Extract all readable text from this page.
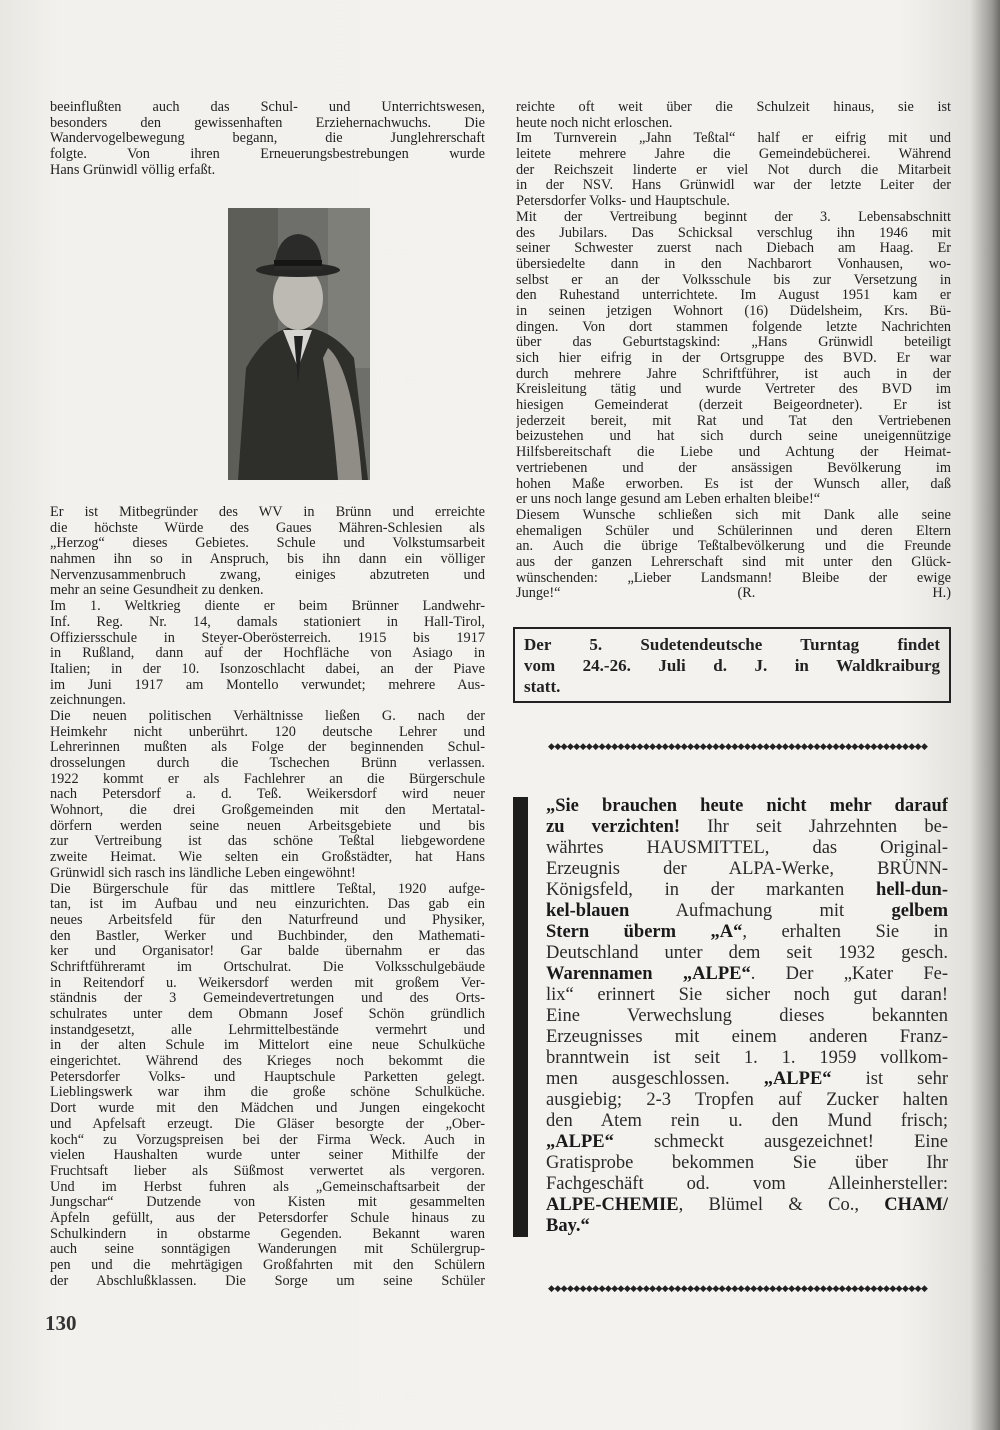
beeinflußten auch das Schul- und Unterrichtswesen,
besonders den gewissenhaften Erziehernachwuchs. Die
Wandervogelbewegung begann, die Junglehrerschaft
folgte. Von ihren Erneuerungsbestrebungen wurde
Hans Grünwidl völlig erfaßt.
Er ist Mitbegründer des WV in Brünn und erreichte
die höchste Würde des Gaues Mähren-Schlesien als
„Herzog“ dieses Gebietes. Schule und Volkstumsarbeit
nahmen ihn so in Anspruch, bis ihn dann ein völliger
Nervenzusammenbruch zwang, einiges abzutreten und
mehr an seine Gesundheit zu denken.
Im 1. Weltkrieg diente er beim Brünner Landwehr-
Inf. Reg. Nr. 14, damals stationiert in Hall-Tirol,
Offiziersschule in Steyer-Oberösterreich. 1915 bis 1917
in Rußland, dann auf der Hochfläche von Asiago in
Italien; in der 10. Isonzoschlacht dabei, an der Piave
im Juni 1917 am Montello verwundet; mehrere Aus-
zeichnungen.
Die neuen politischen Verhältnisse ließen G. nach der
Heimkehr nicht unberührt. 120 deutsche Lehrer und
Lehrerinnen mußten als Folge der beginnenden Schul-
drosselungen durch die Tschechen Brünn verlassen.
1922 kommt er als Fachlehrer an die Bürgerschule
nach Petersdorf a. d. Teß. Weikersdorf wird neuer
Wohnort, die drei Großgemeinden mit den Mertatal-
dörfern werden seine neuen Arbeitsgebiete und bis
zur Vertreibung ist das schöne Teßtal liebgewordene
zweite Heimat. Wie selten ein Großstädter, hat Hans
Grünwidl sich rasch ins ländliche Leben eingewöhnt!
Die Bürgerschule für das mittlere Teßtal, 1920 aufge-
tan, ist im Aufbau und neu einzurichten. Das gab ein
neues Arbeitsfeld für den Naturfreund und Physiker,
den Bastler, Werker und Buchbinder, den Mathemati-
ker und Organisator! Gar balde übernahm er das
Schriftführeramt im Ortschulrat. Die Volksschulgebäude
in Reitendorf u. Weikersdorf werden mit großem Ver-
ständnis der 3 Gemeindevertretungen und des Orts-
schulrates unter dem Obmann Josef Schön gründlich
instandgesetzt, alle Lehrmittelbestände vermehrt und
in der alten Schule im Mittelort eine neue Schulküche
eingerichtet. Während des Krieges noch bekommt die
Petersdorfer Volks- und Hauptschule Parketten gelegt.
Lieblingswerk war ihm die große schöne Schulküche.
Dort wurde mit den Mädchen und Jungen eingekocht
und Apfelsaft erzeugt. Die Gläser besorgte der „Ober-
koch“ zu Vorzugspreisen bei der Firma Weck. Auch in
vielen Haushalten wurde unter seiner Mithilfe der
Fruchtsaft lieber als Süßmost verwertet als vergoren.
Und im Herbst fuhren als „Gemeinschaftsarbeit der
Jungschar“ Dutzende von Kisten mit gesammelten
Äpfeln gefüllt, aus der Petersdorfer Schule hinaus zu
Schulkindern in obstarme Gegenden. Bekannt waren
auch seine sonntägigen Wanderungen mit Schülergrup-
pen und die mehrtägigen Großfahrten mit den Schülern
der Abschlußklassen. Die Sorge um seine Schüler
reichte oft weit über die Schulzeit hinaus, sie ist
heute noch nicht erloschen.
Im Turnverein „Jahn Teßtal“ half er eifrig mit und
leitete mehrere Jahre die Gemeindebücherei. Während
der Reichszeit linderte er viel Not durch die Mitarbeit
in der NSV. Hans Grünwidl war der letzte Leiter der
Petersdorfer Volks- und Hauptschule.
Mit der Vertreibung beginnt der 3. Lebensabschnitt
des Jubilars. Das Schicksal verschlug ihn 1946 mit
seiner Schwester zuerst nach Diebach am Haag. Er
übersiedelte dann in den Nachbarort Vonhausen, wo-
selbst er an der Volksschule bis zur Versetzung in
den Ruhestand unterrichtete. Im August 1951 kam er
in seinen jetzigen Wohnort (16) Düdelsheim, Krs. Bü-
dingen. Von dort stammen folgende letzte Nachrichten
über das Geburtstagskind: „Hans Grünwidl beteiligt
sich hier eifrig in der Ortsgruppe des BVD. Er war
durch mehrere Jahre Schriftführer, ist auch in der
Kreisleitung tätig und wurde Vertreter des BVD im
hiesigen Gemeinderat (derzeit Beigeordneter). Er ist
jederzeit bereit, mit Rat und Tat den Vertriebenen
beizustehen und hat sich durch seine uneigennützige
Hilfsbereitschaft die Liebe und Achtung der Heimat-
vertriebenen und der ansässigen Bevölkerung im
hohen Maße erworben. Es ist der Wunsch aller, daß
er uns noch lange gesund am Leben erhalten bleibe!“
Diesem Wunsche schließen sich mit Dank alle seine
ehemaligen Schüler und Schülerinnen und deren Eltern
an. Auch die übrige Teßtalbevölkerung und die Freunde
aus der ganzen Lehrerschaft sind mit unter den Glück-
wünschenden: „Lieber Landsmann! Bleibe der ewige
Junge!“ (R. H.)
Der 5. Sudetendeutsche Turntag findet
vom 24.-26. Juli d. J. in Waldkraiburg
statt.
◆◆◆◆◆◆◆◆◆◆◆◆◆◆◆◆◆◆◆◆◆◆◆◆◆◆◆◆◆◆◆◆◆◆◆◆◆◆◆◆◆◆◆◆◆◆◆◆◆◆◆◆◆◆◆◆◆◆◆◆
„Sie brauchen heute nicht mehr darauf
zu verzichten! Ihr seit Jahrzehnten be-
währtes HAUSMITTEL, das Original-
Erzeugnis der ALPA-Werke, BRÜNN-
Königsfeld, in der markanten hell-dun-
kel-blauen Aufmachung mit gelbem
Stern überm „A“, erhalten Sie in
Deutschland unter dem seit 1932 gesch.
Warennamen „ALPE“. Der „Kater Fe-
lix“ erinnert Sie sicher noch gut daran!
Eine Verwechslung dieses bekannten
Erzeugnisses mit einem anderen Franz-
branntwein ist seit 1. 1. 1959 vollkom-
men ausgeschlossen. „ALPE“ ist sehr
ausgiebig; 2-3 Tropfen auf Zucker halten
den Atem rein u. den Mund frisch;
„ALPE“ schmeckt ausgezeichnet! Eine
Gratisprobe bekommen Sie über Ihr
Fachgeschäft od. vom Alleinhersteller:
ALPE-CHEMIE, Blümel & Co., CHAM/
Bay.“
◆◆◆◆◆◆◆◆◆◆◆◆◆◆◆◆◆◆◆◆◆◆◆◆◆◆◆◆◆◆◆◆◆◆◆◆◆◆◆◆◆◆◆◆◆◆◆◆◆◆◆◆◆◆◆◆◆◆◆◆
130
